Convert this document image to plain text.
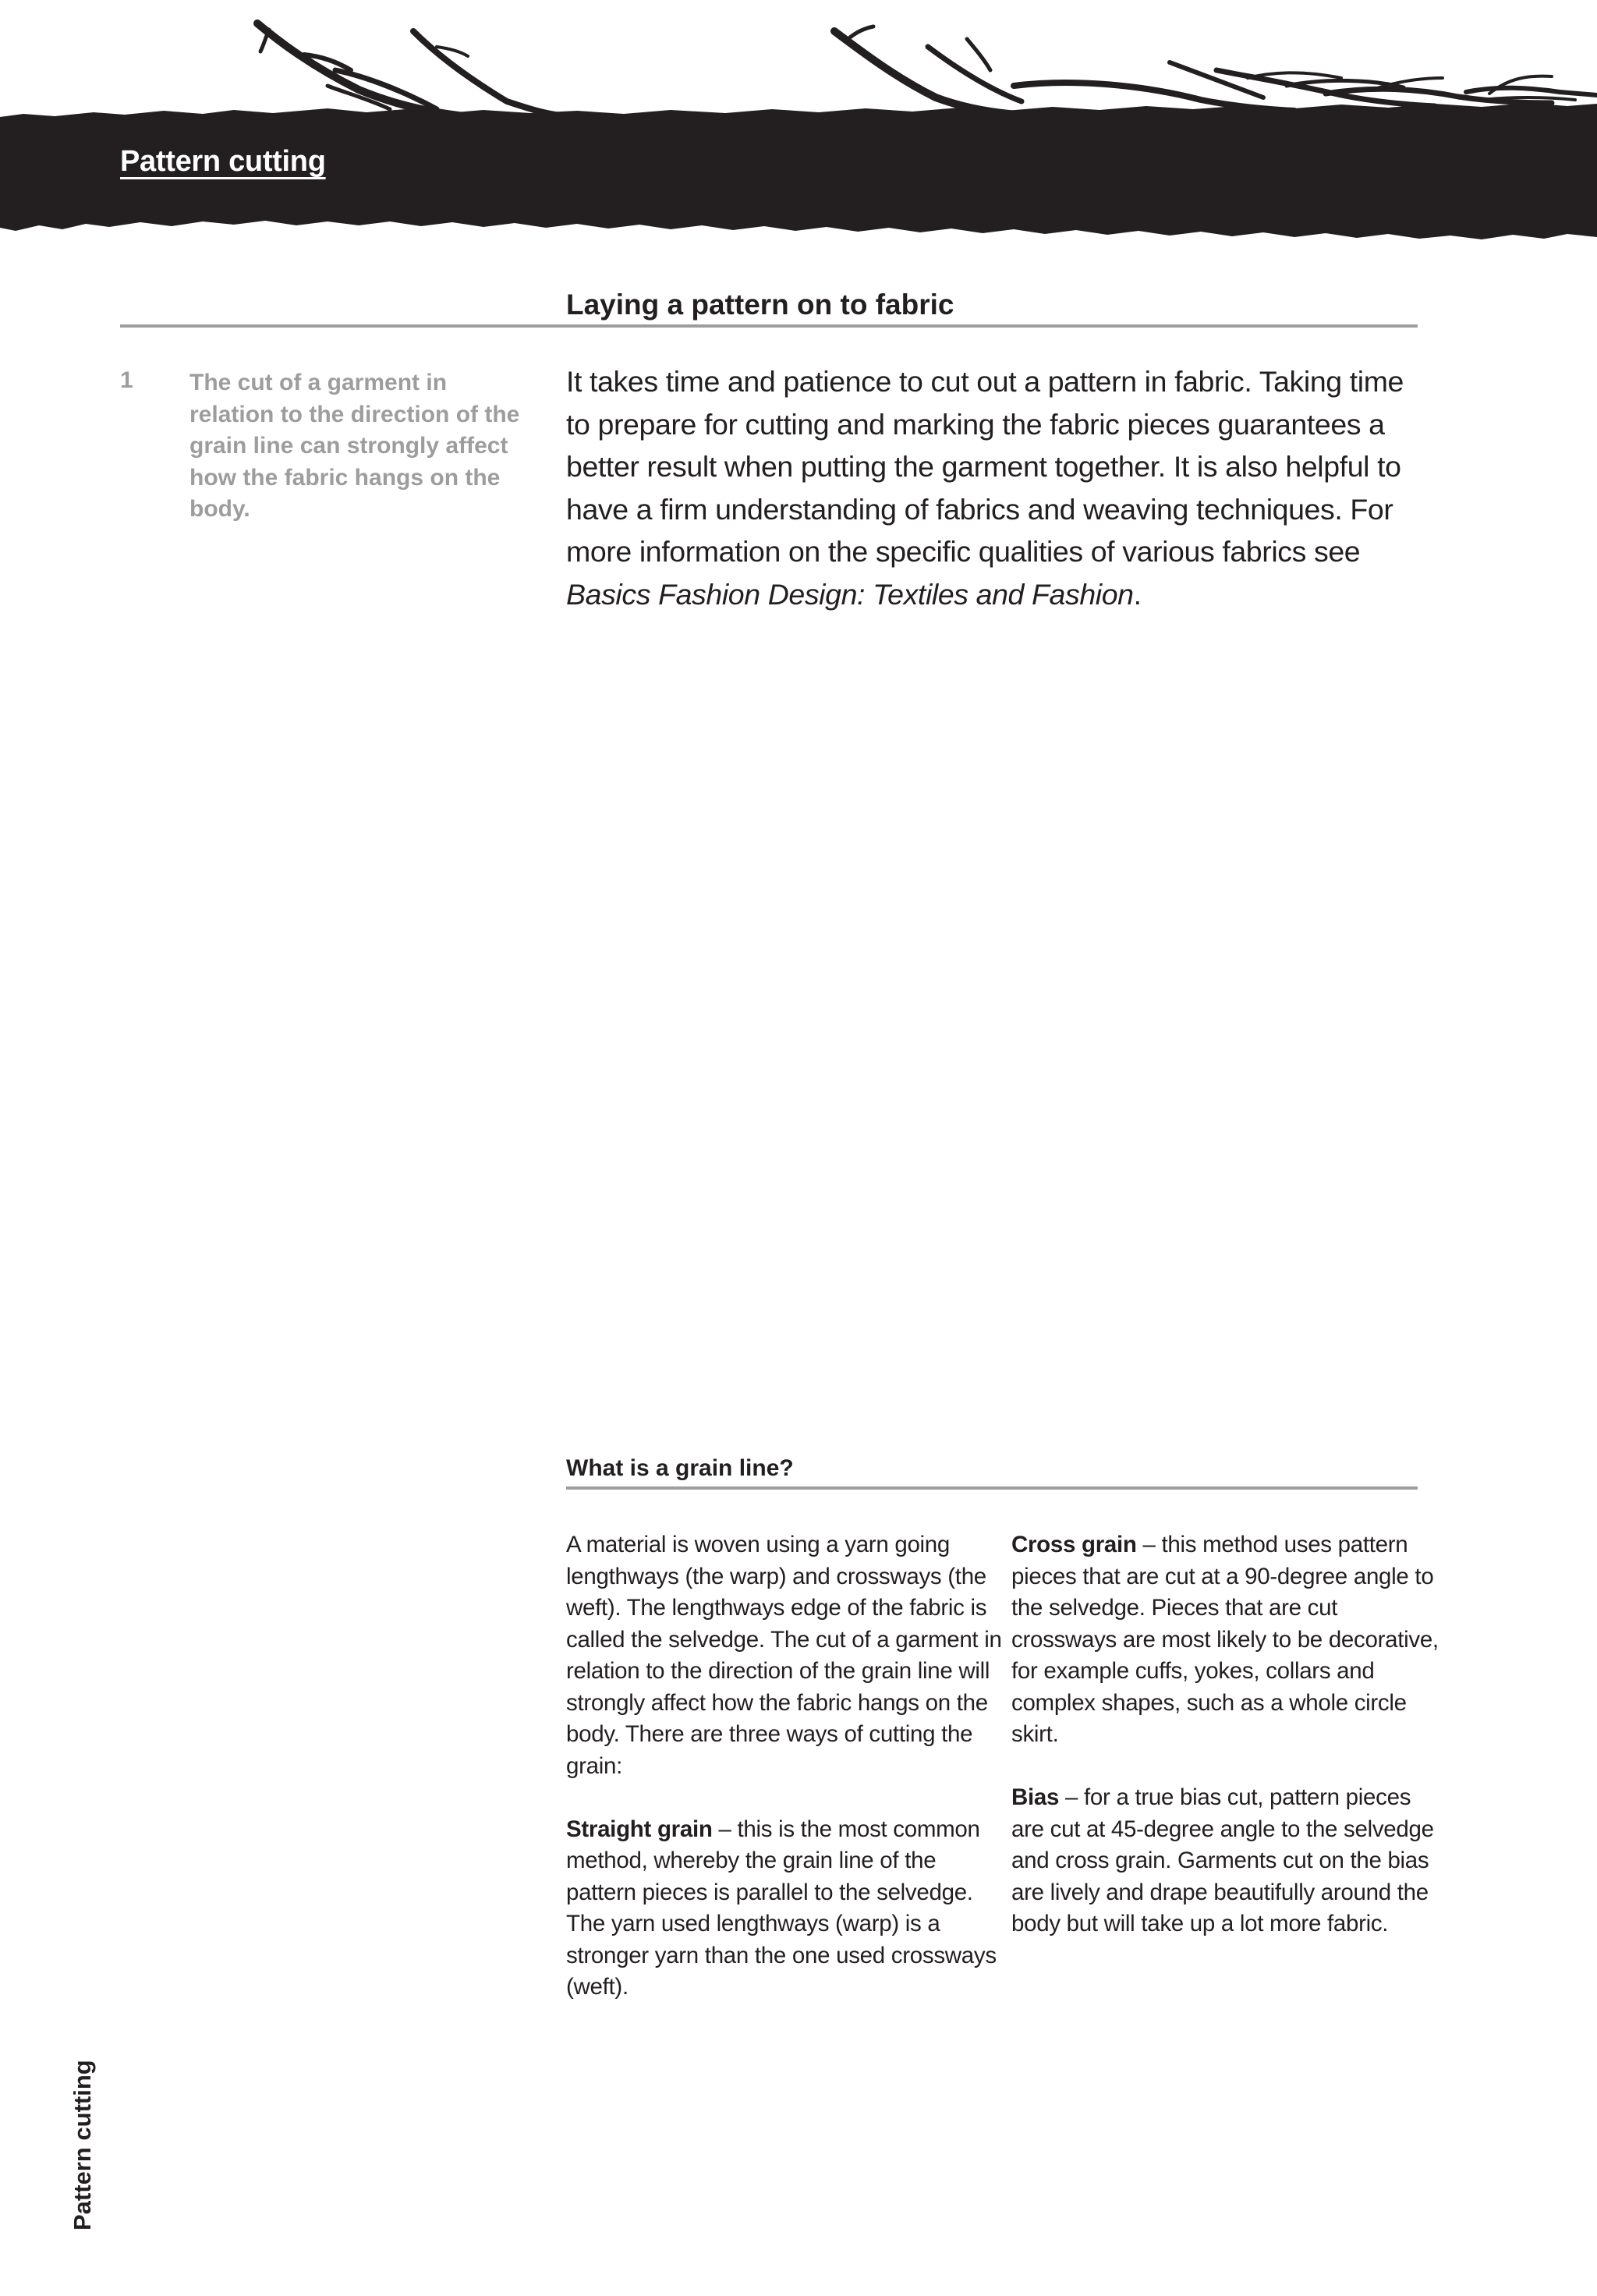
Pattern cutting
Laying a pattern on to fabric
1 The cut of a garment in relation to the direction of the grain line can strongly affect how the fabric hangs on the body.
It takes time and patience to cut out a pattern in fabric. Taking time to prepare for cutting and marking the fabric pieces guarantees a better result when putting the garment together. It is also helpful to have a firm understanding of fabrics and weaving techniques. For more information on the specific qualities of various fabrics see Basics Fashion Design: Textiles and Fashion.
What is a grain line?

A material is woven using a yarn going lengthways (the warp) and crossways (the weft). The lengthways edge of the fabric is called the selvedge. The cut of a garment in relation to the direction of the grain line will strongly affect how the fabric hangs on the body. There are three ways of cutting the grain:

Straight grain – this is the most common method, whereby the grain line of the pattern pieces is parallel to the selvedge. The yarn used lengthways (warp) is a stronger yarn than the one used crossways (weft).

Cross grain – this method uses pattern pieces that are cut at a 90-degree angle to the selvedge. Pieces that are cut crossways are most likely to be decorative, for example cuffs, yokes, collars and complex shapes, such as a whole circle skirt.

Bias – for a true bias cut, pattern pieces are cut at 45-degree angle to the selvedge and cross grain. Garments cut on the bias are lively and drape beautifully around the body but will take up a lot more fabric.

Pattern cutting
